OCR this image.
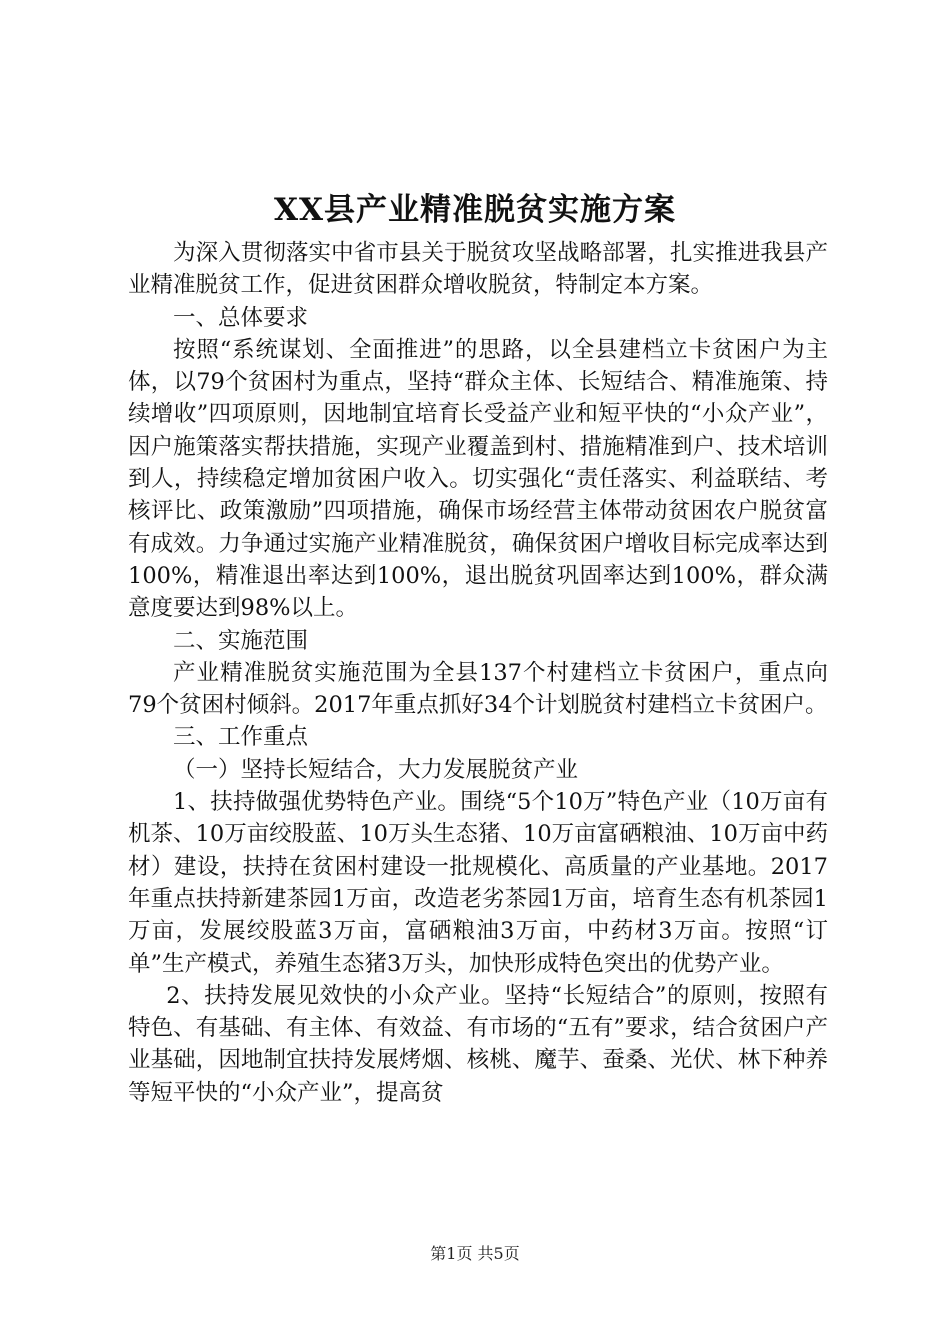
XX县产业精准脱贫实施方案

为深入贯彻落实中省市县关于脱贫攻坚战略部署，扎实推进我县产业精准脱贫工作，促进贫困群众增收脱贫，特制定本方案。

一、总体要求

按照“系统谋划、全面推进”的思路，以全县建档立卡贫困户为主体，以79个贫困村为重点，坚持“群众主体、长短结合、精准施策、持续增收”四项原则，因地制宜培育长受益产业和短平快的“小众产业”，因户施策落实帮扶措施，实现产业覆盖到村、措施精准到户、技术培训到人，持续稳定增加贫困户收入。切实强化“责任落实、利益联结、考核评比、政策激励”四项措施，确保市场经营主体带动贫困农户脱贫富有成效。力争通过实施产业精准脱贫，确保贫困户增收目标完成率达到100%，精准退出率达到100%，退出脱贫巩固率达到100%，群众满意度要达到98%以上。

二、实施范围

产业精准脱贫实施范围为全县137个村建档立卡贫困户，重点向79个贫困村倾斜。2017年重点抓好34个计划脱贫村建档立卡贫困户。

三、工作重点

（一）坚持长短结合，大力发展脱贫产业

1、扶持做强优势特色产业。围绕“5个10万”特色产业（10万亩有机茶、10万亩绞股蓝、10万头生态猪、10万亩富硒粮油、10万亩中药材）建设，扶持在贫困村建设一批规模化、高质量的产业基地。2017年重点扶持新建茶园1万亩，改造老劣茶园1万亩，培育生态有机茶园1万亩，发展绞股蓝3万亩，富硒粮油3万亩，中药材3万亩。按照“订单”生产模式，养殖生态猪3万头，加快形成特色突出的优势产业。

2、扶持发展见效快的小众产业。坚持“长短结合”的原则，按照有特色、有基础、有主体、有效益、有市场的“五有”要求，结合贫困户产业基础，因地制宜扶持发展烤烟、核桃、魔芋、蚕桑、光伏、林下种养等短平快的“小众产业”，提高贫

第1页 共5页
